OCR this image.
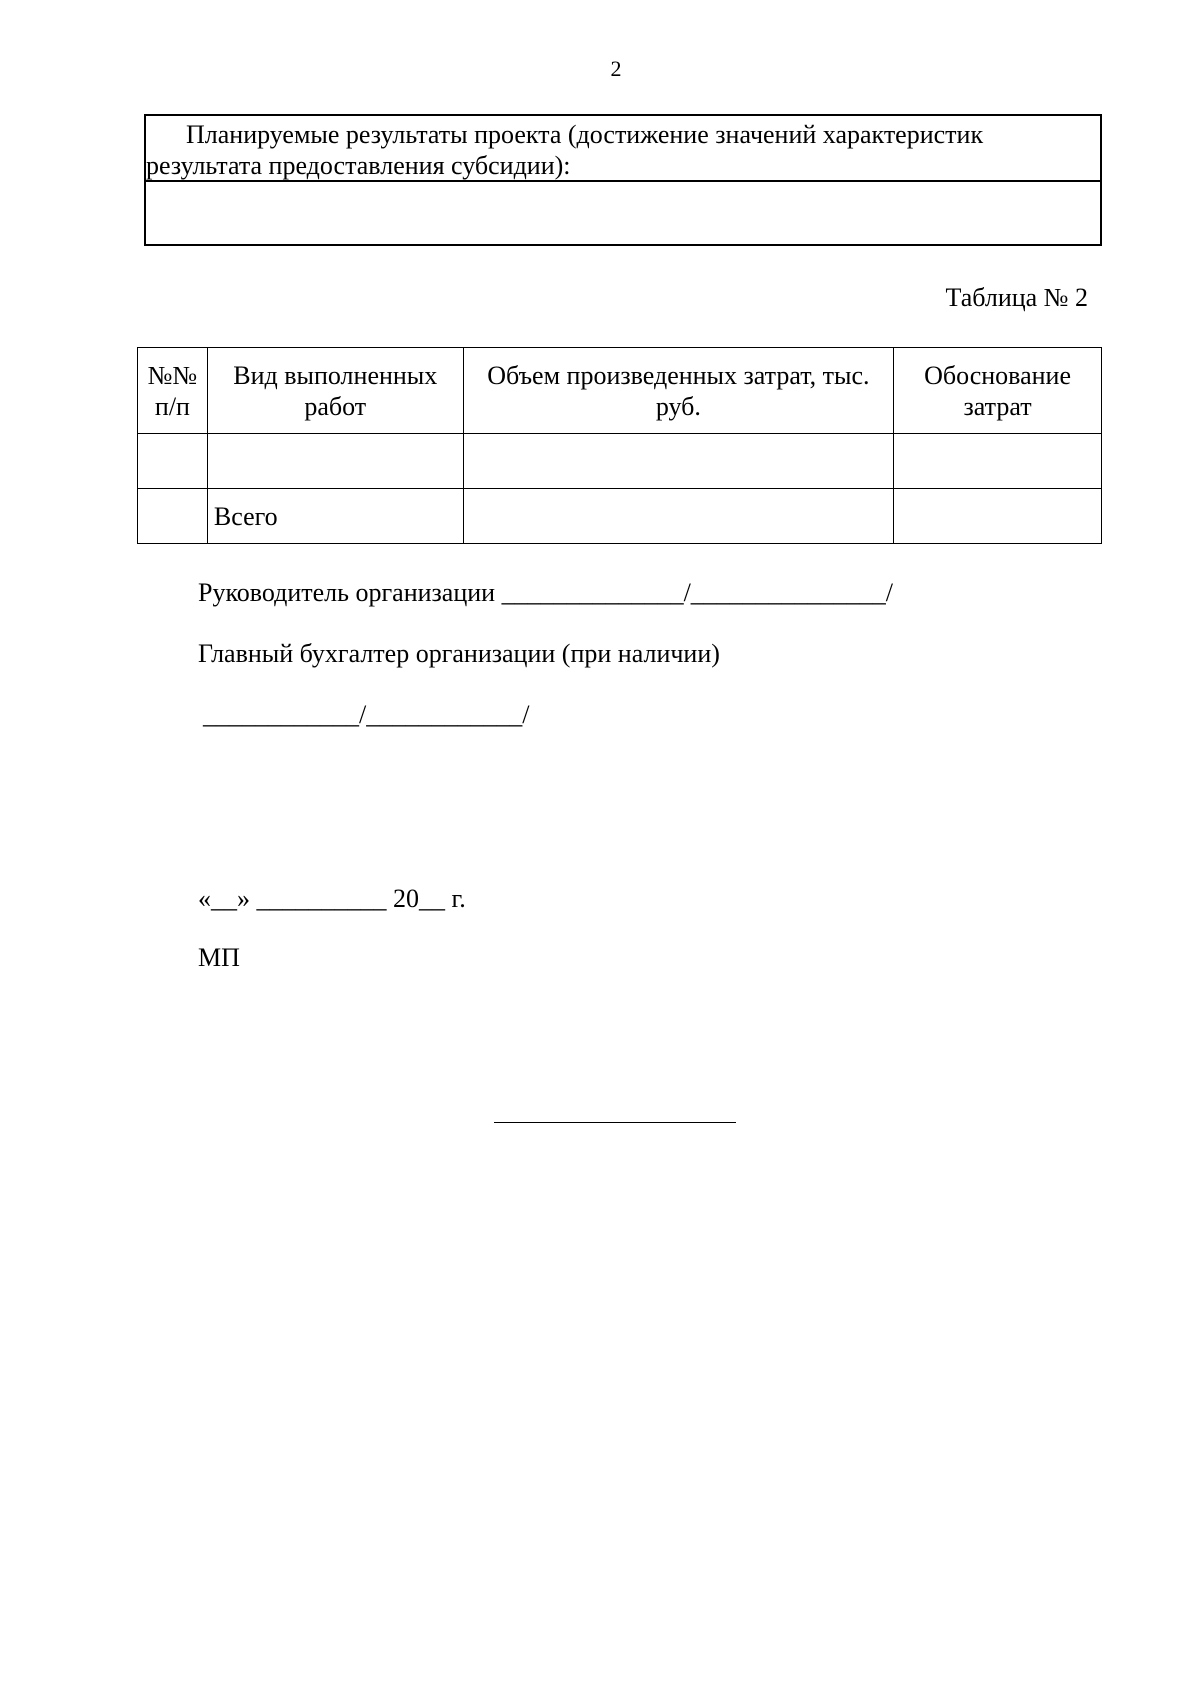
2
Планируемые результаты проекта (достижение значений характеристик результата предоставления субсидии):
Таблица № 2
№№ п/п	Вид выполненных работ	Объем произведенных затрат, тыс. руб.	Обоснование затрат

	Всего		
Руководитель организации ______________/_______________/
Главный бухгалтер организации (при наличии)
____________/____________/
«__» __________ 20__ г.
МП
